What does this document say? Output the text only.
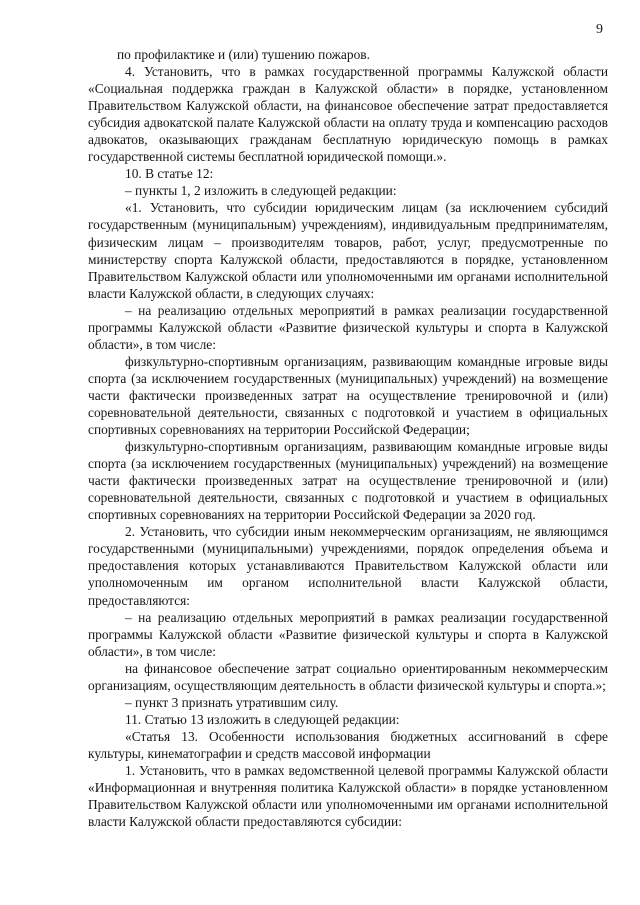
9

по профилактике и (или) тушению пожаров.

4. Установить, что в рамках государственной программы Калужской области «Социальная поддержка граждан в Калужской области» в порядке, установленном Правительством Калужской области, на финансовое обеспечение затрат предоставляется субсидия адвокатской палате Калужской области на оплату труда и компенсацию расходов адвокатов, оказывающих гражданам бесплатную юридическую помощь в рамках государственной системы бесплатной юридической помощи.».

10. В статье 12:

– пункты 1, 2 изложить в следующей редакции:

«1. Установить, что субсидии юридическим лицам (за исключением субсидий государственным (муниципальным) учреждениям), индивидуальным предпринимателям, физическим лицам – производителям товаров, работ, услуг, предусмотренные по министерству спорта Калужской области, предоставляются в порядке, установленном Правительством Калужской области или уполномоченными им органами исполнительной власти Калужской области, в следующих случаях:

– на реализацию отдельных мероприятий в рамках реализации государственной программы Калужской области «Развитие физической культуры и спорта в Калужской области», в том числе:

физкультурно-спортивным организациям, развивающим командные игровые виды спорта (за исключением государственных (муниципальных) учреждений) на возмещение части фактически произведенных затрат на осуществление тренировочной и (или) соревновательной деятельности, связанных с подготовкой и участием в официальных спортивных соревнованиях на территории Российской Федерации;

физкультурно-спортивным организациям, развивающим командные игровые виды спорта (за исключением государственных (муниципальных) учреждений) на возмещение части фактически произведенных затрат на осуществление тренировочной и (или) соревновательной деятельности, связанных с подготовкой и участием в официальных спортивных соревнованиях на территории Российской Федерации за 2020 год.

2. Установить, что субсидии иным некоммерческим организациям, не являющимся государственными (муниципальными) учреждениями, порядок определения объема и предоставления которых устанавливаются Правительством Калужской области или уполномоченным им органом исполнительной власти Калужской области, предоставляются:

– на реализацию отдельных мероприятий в рамках реализации государственной программы Калужской области «Развитие физической культуры и спорта в Калужской области», в том числе:

на финансовое обеспечение затрат социально ориентированным некоммерческим организациям, осуществляющим деятельность в области физической культуры и спорта.»;

– пункт 3 признать утратившим силу.

11. Статью 13 изложить в следующей редакции:

«Статья 13. Особенности использования бюджетных ассигнований в сфере культуры, кинематографии и средств массовой информации

1. Установить, что в рамках ведомственной целевой программы Калужской области «Информационная и внутренняя политика Калужской области» в порядке установленном Правительством Калужской области или уполномоченными им органами исполнительной власти Калужской области предоставляются субсидии:
